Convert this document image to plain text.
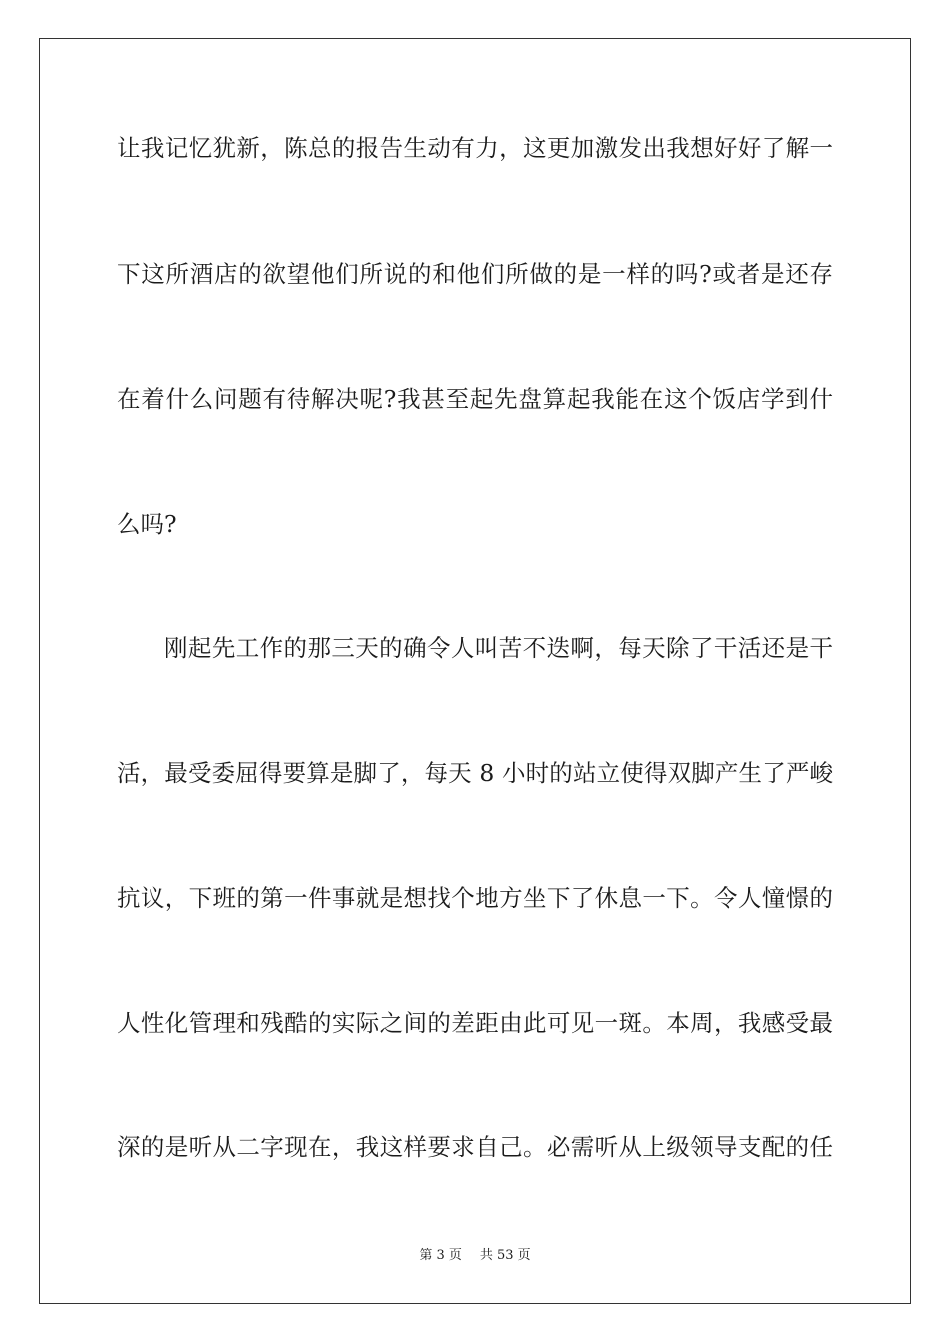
让我记忆犹新，陈总的报告生动有力，这更加激发出我想好好了解一
下这所酒店的欲望他们所说的和他们所做的是一样的吗?或者是还存
在着什么问题有待解决呢?我甚至起先盘算起我能在这个饭店学到什
么吗?
刚起先工作的那三天的确令人叫苦不迭啊，每天除了干活还是干
活，最受委屈得要算是脚了，每天 8 小时的站立使得双脚产生了严峻
抗议，下班的第一件事就是想找个地方坐下了休息一下。令人憧憬的
人性化管理和残酷的实际之间的差距由此可见一斑。本周，我感受最
深的是听从二字现在，我这样要求自己。必需听从上级领导支配的任
第 3 页 共 53 页
